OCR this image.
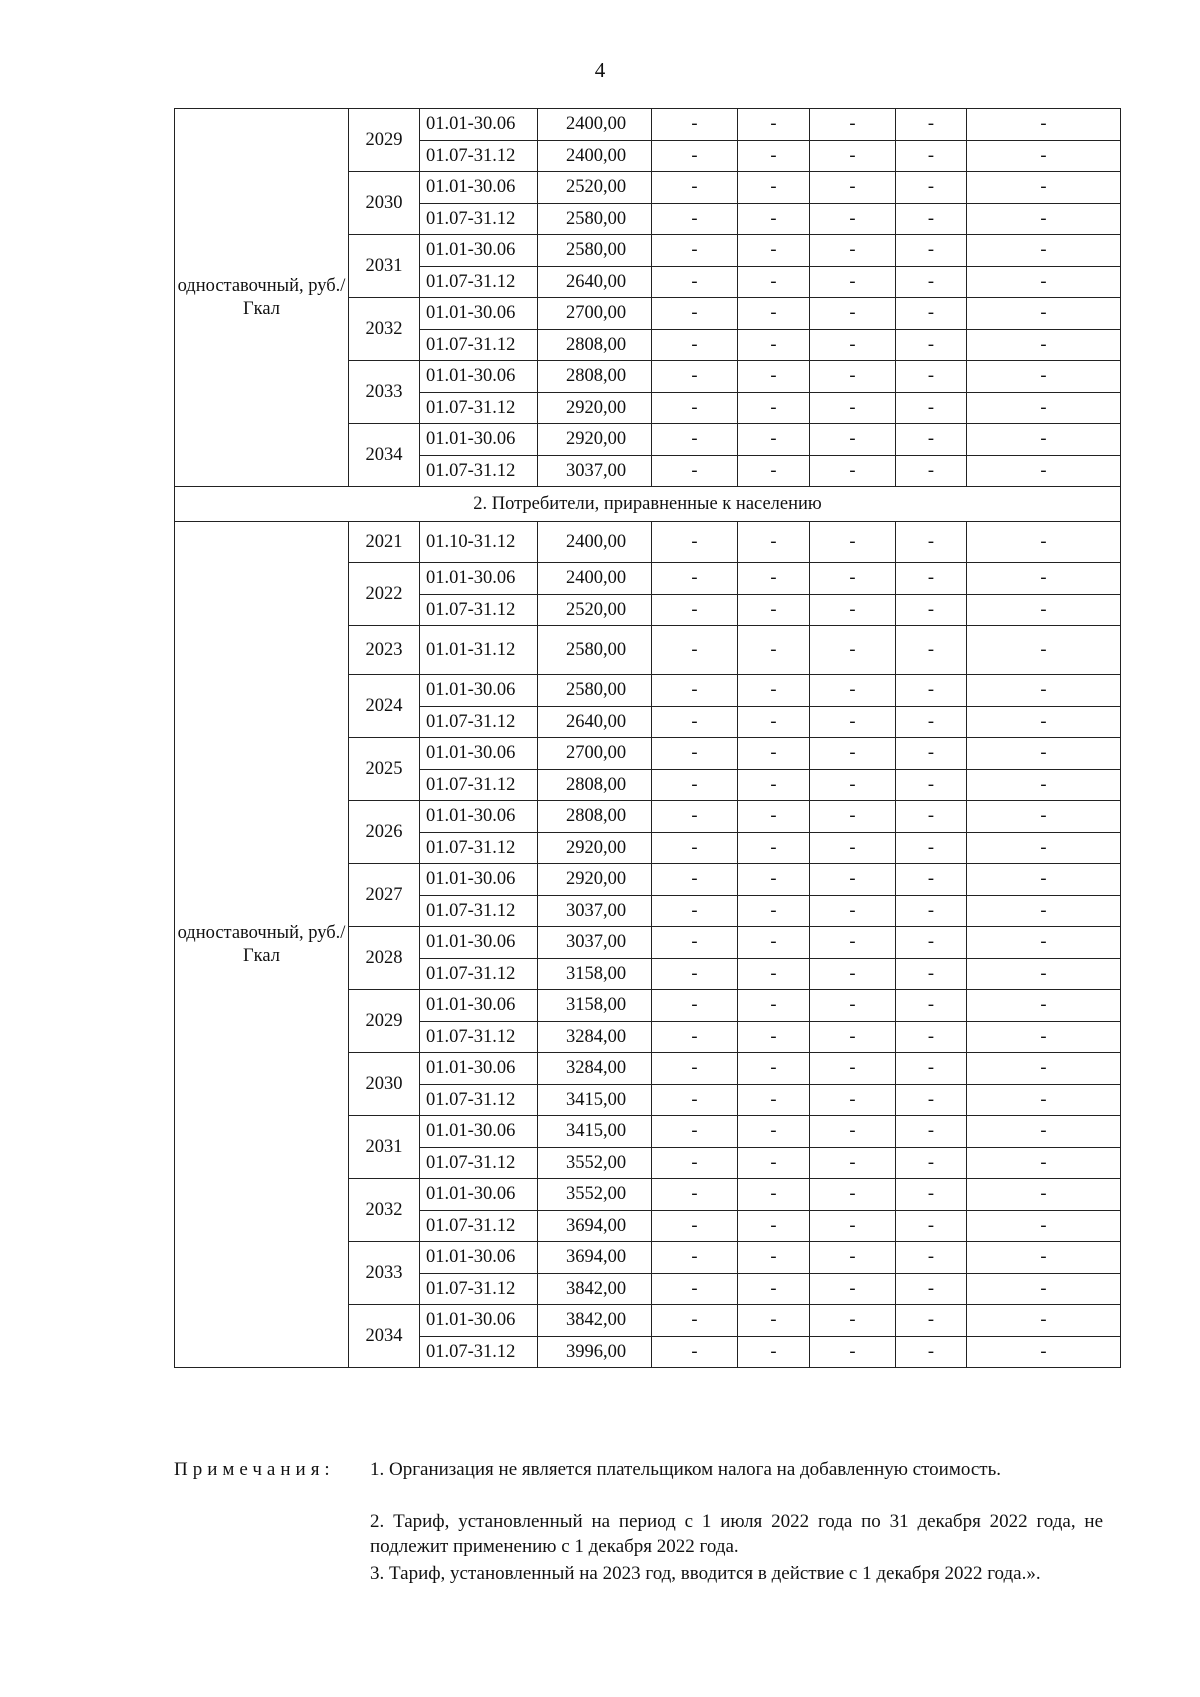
4
одноставочный, руб./Гкал	2029	01.01-30.06	2400,00	-	-	-	-	-
		01.07-31.12	2400,00	-	-	-	-	-
	2030	01.01-30.06	2520,00	-	-	-	-	-
		01.07-31.12	2580,00	-	-	-	-	-
	2031	01.01-30.06	2580,00	-	-	-	-	-
		01.07-31.12	2640,00	-	-	-	-	-
	2032	01.01-30.06	2700,00	-	-	-	-	-
		01.07-31.12	2808,00	-	-	-	-	-
	2033	01.01-30.06	2808,00	-	-	-	-	-
		01.07-31.12	2920,00	-	-	-	-	-
	2034	01.01-30.06	2920,00	-	-	-	-	-
		01.07-31.12	3037,00	-	-	-	-	-
2. Потребители, приравненные к населению								
одноставочный, руб./Гкал	2021	01.10-31.12	2400,00	-	-	-	-	-
	2022	01.01-30.06	2400,00	-	-	-	-	-
		01.07-31.12	2520,00	-	-	-	-	-
	2023	01.01-31.12	2580,00	-	-	-	-	-
	2024	01.01-30.06	2580,00	-	-	-	-	-
		01.07-31.12	2640,00	-	-	-	-	-
	2025	01.01-30.06	2700,00	-	-	-	-	-
		01.07-31.12	2808,00	-	-	-	-	-
	2026	01.01-30.06	2808,00	-	-	-	-	-
		01.07-31.12	2920,00	-	-	-	-	-
	2027	01.01-30.06	2920,00	-	-	-	-	-
		01.07-31.12	3037,00	-	-	-	-	-
	2028	01.01-30.06	3037,00	-	-	-	-	-
		01.07-31.12	3158,00	-	-	-	-	-
	2029	01.01-30.06	3158,00	-	-	-	-	-
		01.07-31.12	3284,00	-	-	-	-	-
	2030	01.01-30.06	3284,00	-	-	-	-	-
		01.07-31.12	3415,00	-	-	-	-	-
	2031	01.01-30.06	3415,00	-	-	-	-	-
		01.07-31.12	3552,00	-	-	-	-	-
	2032	01.01-30.06	3552,00	-	-	-	-	-
		01.07-31.12	3694,00	-	-	-	-	-
	2033	01.01-30.06	3694,00	-	-	-	-	-
		01.07-31.12	3842,00	-	-	-	-	-
	2034	01.01-30.06	3842,00	-	-	-	-	-
		01.07-31.12	3996,00	-	-	-	-	-
Примечания: 1. Организация не является плательщиком налога на добавленную стоимость.
2. Тариф, установленный на период с 1 июля 2022 года по 31 декабря 2022 года, не подлежит применению с 1 декабря 2022 года.
3. Тариф, установленный на 2023 год, вводится в действие с 1 декабря 2022 года.».
